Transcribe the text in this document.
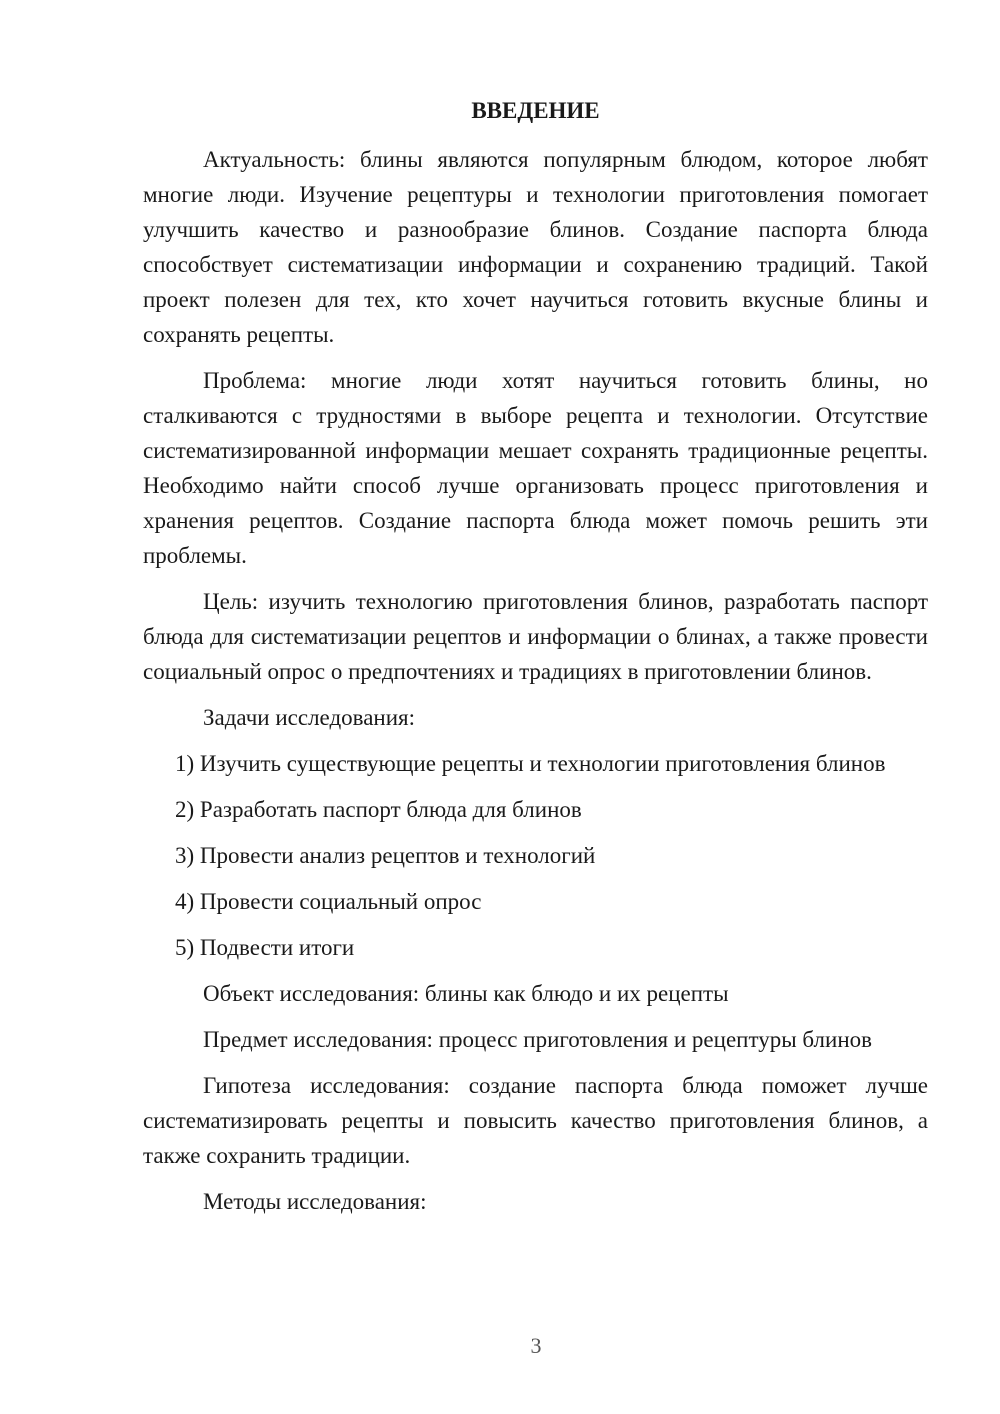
ВВЕДЕНИЕ
Актуальность: блины являются популярным блюдом, которое любят многие люди. Изучение рецептуры и технологии приготовления помогает улучшить качество и разнообразие блинов. Создание паспорта блюда способствует систематизации информации и сохранению традиций. Такой проект полезен для тех, кто хочет научиться готовить вкусные блины и сохранять рецепты.
Проблема: многие люди хотят научиться готовить блины, но сталкиваются с трудностями в выборе рецепта и технологии. Отсутствие систематизированной информации мешает сохранять традиционные рецепты. Необходимо найти способ лучше организовать процесс приготовления и хранения рецептов. Создание паспорта блюда может помочь решить эти проблемы.
Цель: изучить технологию приготовления блинов, разработать паспорт блюда для систематизации рецептов и информации о блинах, а также провести социальный опрос о предпочтениях и традициях в приготовлении блинов.
Задачи исследования:
1) Изучить существующие рецепты и технологии приготовления блинов
2) Разработать паспорт блюда для блинов
3) Провести анализ рецептов и технологий
4) Провести социальный опрос
5) Подвести итоги
Объект исследования: блины как блюдо и их рецепты
Предмет исследования: процесс приготовления и рецептуры блинов
Гипотеза исследования: создание паспорта блюда поможет лучше систематизировать рецепты и повысить качество приготовления блинов, а также сохранить традиции.
Методы исследования:
3
